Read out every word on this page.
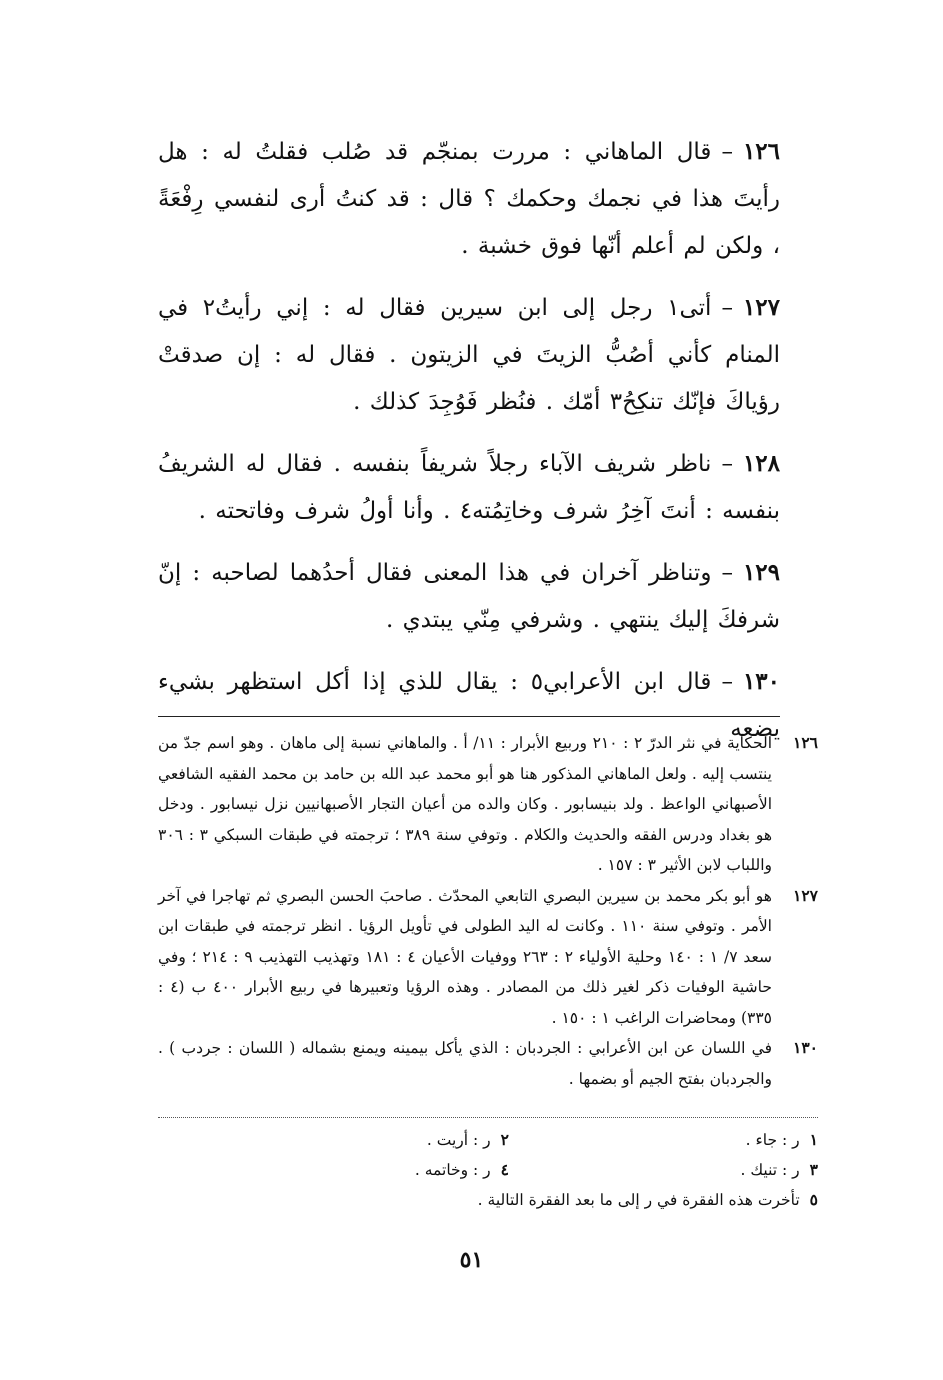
١٢٦–قال الماهاني : مررت بمنجّم قد صُلب فقلتُ له : هل رأيتَ هذا في نجمك وحكمك ؟ قال : قد كنتُ أرى لنفسي رِفْعَةً ، ولكن لم أعلم أنّها فوق خشبة .

١٢٧–أتى١ رجل إلى ابن سيرين فقال له : إني رأيتُ٢ في المنام كأني أصُبُّ الزيتَ في الزيتون . فقال له : إن صدقتْ رؤياكَ فإنّك تنكِحُ٣ أمّك . فنُظر فَوُجِدَ كذلك .

١٢٨–ناظر شريف الآباء رجلاً شريفاً بنفسه . فقال له الشريفُ بنفسه : أنتَ آخِرُ شرف وخاتِمُته٤ . وأنا أولُ شرف وفاتحته .

١٢٩–وتناظر آخران في هذا المعنى فقال أحدُهما لصاحبه : إنّ شرفكَ إليك ينتهي . وشرفي مِنّي يبتدي .

١٣٠–قال ابن الأعرابي٥ : يقال للذي إذا أكل استظهر بشيء يضعه

١٢٦
الحكاية في نثر الدرّ ٢ : ٢١٠ وربيع الأبرار : ١١/ أ . والماهاني نسبة إلى ماهان . وهو اسم جدّ من ينتسب إليه . ولعل الماهاني المذكور هنا هو أبو محمد عبد الله بن حامد بن محمد الفقيه الشافعي الأصبهاني الواعظ . ولد بنيسابور . وكان والده من أعيان التجار الأصبهانيين نزل نيسابور . ودخل هو بغداد ودرس الفقه والحديث والكلام . وتوفي سنة ٣٨٩ ؛ ترجمته في طبقات السبكي ٣ : ٣٠٦ واللباب لابن الأثير ٣ : ١٥٧ .

١٢٧
هو أبو بكر محمد بن سيرين البصري التابعي المحدّث . صاحبَ الحسن البصري ثم تهاجرا في آخر الأمر . وتوفي سنة ١١٠ . وكانت له اليد الطولى في تأويل الرؤيا . انظر ترجمته في طبقات ابن سعد ٧/ ١ : ١٤٠ وحلية الأولياء ٢ : ٢٦٣ ووفيات الأعيان ٤ : ١٨١ وتهذيب التهذيب ٩ : ٢١٤ ؛ وفي حاشية الوفيات ذكر لغير ذلك من المصادر . وهذه الرؤيا وتعبيرها في ربيع الأبرار ٤٠٠ ب (٤ : ٣٣٥) ومحاضرات الراغب ١ : ١٥٠ .

١٣٠
في اللسان عن ابن الأعرابي : الجردبان : الذي يأكل بيمينه ويمنع بشماله ( اللسان : جردب ) . والجردبان بفتح الجيم أو بضمها .

١ر : جاء .
٢ر : أريت .
٣ر : تنيك .
٤ر : وخاتمه .
٥تأخرت هذه الفقرة في ر إلى ما بعد الفقرة التالية .
٥١
